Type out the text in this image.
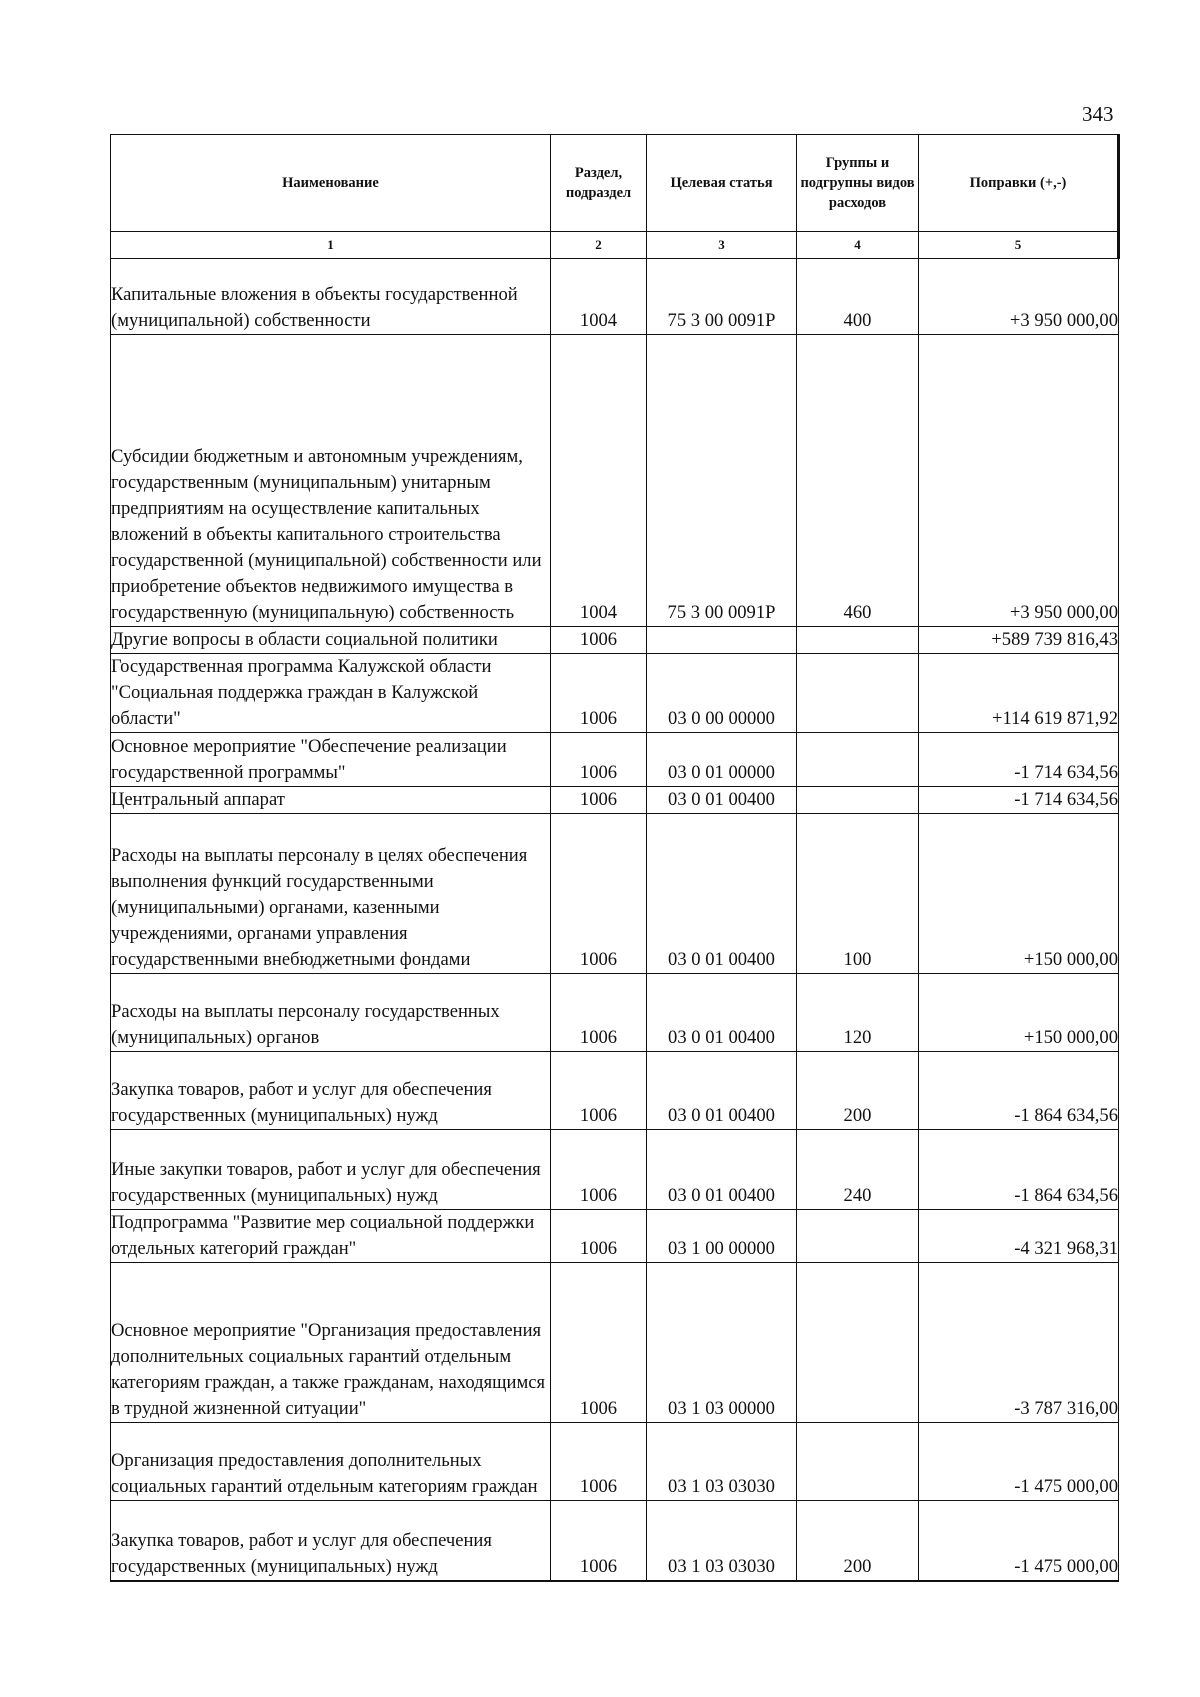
343
Наименование	Раздел, подраздел	Целевая статья	Группы и подгрупны видов расходов	Поправки (+,-)
1	2	3	4	5
Капитальные вложения в объекты государственной (муниципальной) собственности	1004	75 3 00 0091Р	400	+3 950 000,00
Субсидии бюджетным и автономным учреждениям, государственным (муниципальным) унитарным предприятиям на осуществление капитальных вложений в объекты капитального строительства государственной (муниципальной) собственности или приобретение объектов недвижимого имущества в государственную (муниципальную) собственность	1004	75 3 00 0091Р	460	+3 950 000,00
Другие вопросы в области социальной политики	1006			+589 739 816,43
Государственная программа Калужской области "Социальная поддержка граждан в Калужской области"	1006	03 0 00 00000		+114 619 871,92
Основное мероприятие "Обеспечение реализации государственной программы"	1006	03 0 01 00000		-1 714 634,56
Центральный аппарат	1006	03 0 01 00400		-1 714 634,56
Расходы на выплаты персоналу в целях обеспечения выполнения функций государственными (муниципальными) органами, казенными учреждениями, органами управления государственными внебюджетными фондами	1006	03 0 01 00400	100	+150 000,00
Расходы на выплаты персоналу государственных (муниципальных) органов	1006	03 0 01 00400	120	+150 000,00
Закупка товаров, работ и услуг для обеспечения государственных (муниципальных) нужд	1006	03 0 01 00400	200	-1 864 634,56
Иные закупки товаров, работ и услуг для обеспечения государственных (муниципальных) нужд	1006	03 0 01 00400	240	-1 864 634,56
Подпрограмма "Развитие мер социальной поддержки отдельных категорий граждан"	1006	03 1 00 00000		-4 321 968,31
Основное мероприятие "Организация предоставления дополнительных социальных гарантий отдельным категориям граждан, а также гражданам, находящимся в трудной жизненной ситуации"	1006	03 1 03 00000		-3 787 316,00
Организация предоставления дополнительных социальных гарантий отдельным категориям граждан	1006	03 1 03 03030		-1 475 000,00
Закупка товаров, работ и услуг для обеспечения государственных (муниципальных) нужд	1006	03 1 03 03030	200	-1 475 000,00
